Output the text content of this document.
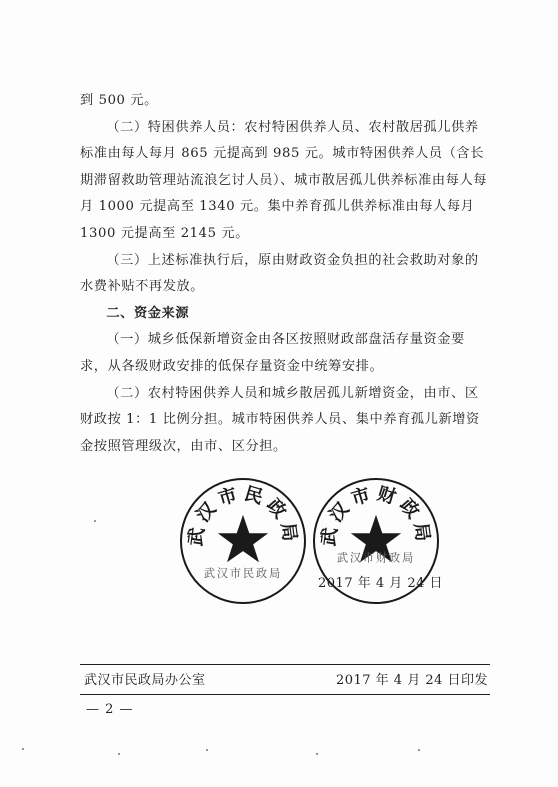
到 500 元。

（二）特困供养人员：农村特困供养人员、农村散居孤儿供养标准由每人每月 865 元提高到 985 元。城市特困供养人员（含长期滞留救助管理站流浪乞讨人员）、城市散居孤儿供养标准由每人每月 1000 元提高至 1340 元。集中养育孤儿供养标准由每人每月 1300 元提高至 2145 元。

（三）上述标准执行后，原由财政资金负担的社会救助对象的水费补贴不再发放。

二、资金来源

（一）城乡低保新增资金由各区按照财政部盘活存量资金要求，从各级财政安排的低保存量资金中统筹安排。

（二）农村特困供养人员和城乡散居孤儿新增资金，由市、区财政按 1：1 比例分担。城市特困供养人员、集中养育孤儿新增资金按照管理级次，由市、区分担。

武汉市民政局
武汉市民政局
武汉市财政局
武汉市财政局
2017 年 4 月 24 日
武汉市民政局办公室	2017 年 4 月 24 日印发
— 2 —
